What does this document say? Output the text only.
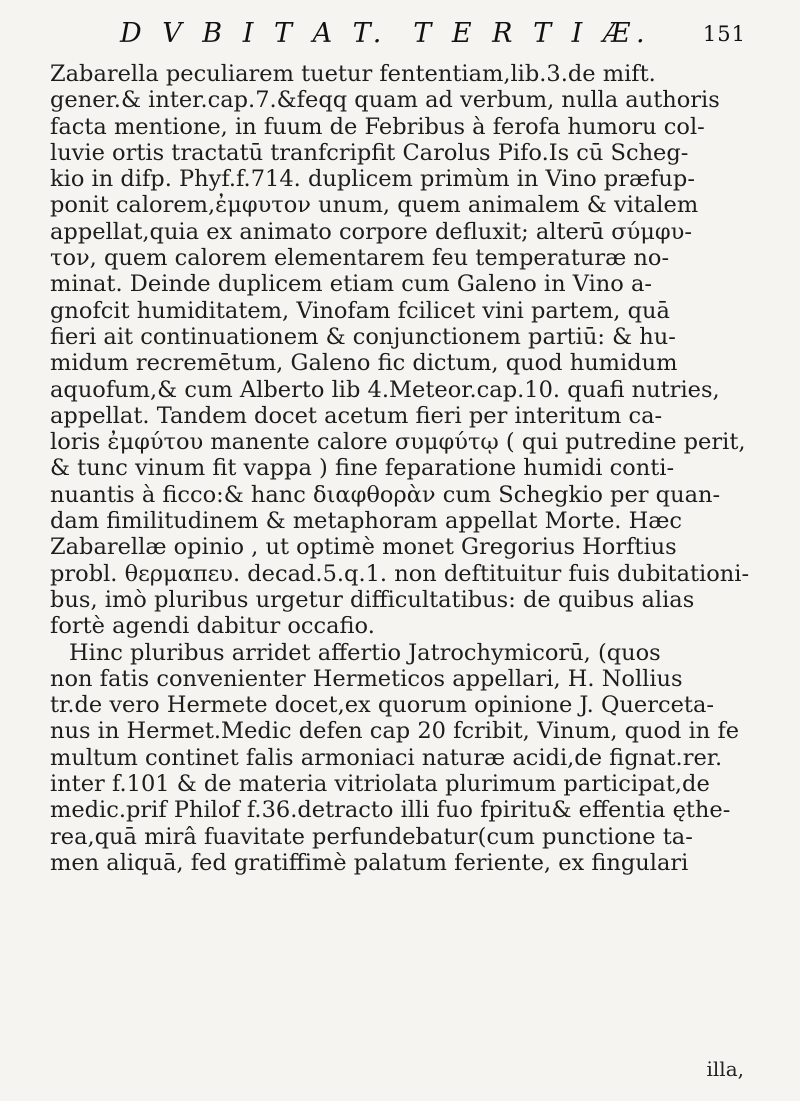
D V B I T A T. T E R T I Æ. 151
Zabarella peculiarem tuetur fententiam,lib.3.de mift.
gener.& inter.cap.7.&feqq quam ad verbum, nulla authoris
facta mentione, in fuum de Febribus à ferofa humoru col-
luvie ortis tractatū tranfcripfit Carolus Pifo.Is cū Scheg-
kio in difp. Phyf.f.714. duplicem primùm in Vino præfup-
ponit calorem,ἐμφυτον unum, quem animalem & vitalem
appellat,quia ex animato corpore defluxit; alterū σύμφυ-
τον, quem calorem elementarem feu temperaturæ no-
minat. Deinde duplicem etiam cum Galeno in Vino a-
gnofcit humiditatem, Vinofam fcilicet vini partem, quā
fieri ait continuationem & conjunctionem partiū: & hu-
midum recremētum, Galeno fic dictum, quod humidum
aquofum,& cum Alberto lib 4.Meteor.cap.10. quafi nutries,
appellat. Tandem docet acetum fieri per interitum ca-
loris ἐμφύτου manente calore συμφύτῳ ( qui putredine perit,
& tunc vinum fit vappa ) fine feparatione humidi conti-
nuantis à ficco:& hanc διαφθορὰν cum Schegkio per quan-
dam fimilitudinem & metaphoram appellat Morte. Hæc
Zabarellæ opinio , ut optimè monet Gregorius Horftius
probl. θερμαπευ. decad.5.q.1. non deftituitur fuis dubitationi-
bus, imò pluribus urgetur difficultatibus: de quibus alias
fortè agendi dabitur occafio.
Hinc pluribus arridet affertio Jatrochymicorū, (quos
non fatis convenienter Hermeticos appellari, H. Nollius
tr.de vero Hermete docet,ex quorum opinione J. Querceta-
nus in Hermet.Medic defen cap 20 fcribit, Vinum, quod in fe
multum continet falis armoniaci naturæ acidi,de fignat.rer.
inter f.101 & de materia vitriolata plurimum participat,de
medic.prif Philof f.36.detracto illi fuo fpiritu& effentia ęthe-
rea,quā mirâ fuavitate perfundebatur(cum punctione ta-
men aliquā, fed gratiffimè palatum feriente, ex fingulari
illa,
